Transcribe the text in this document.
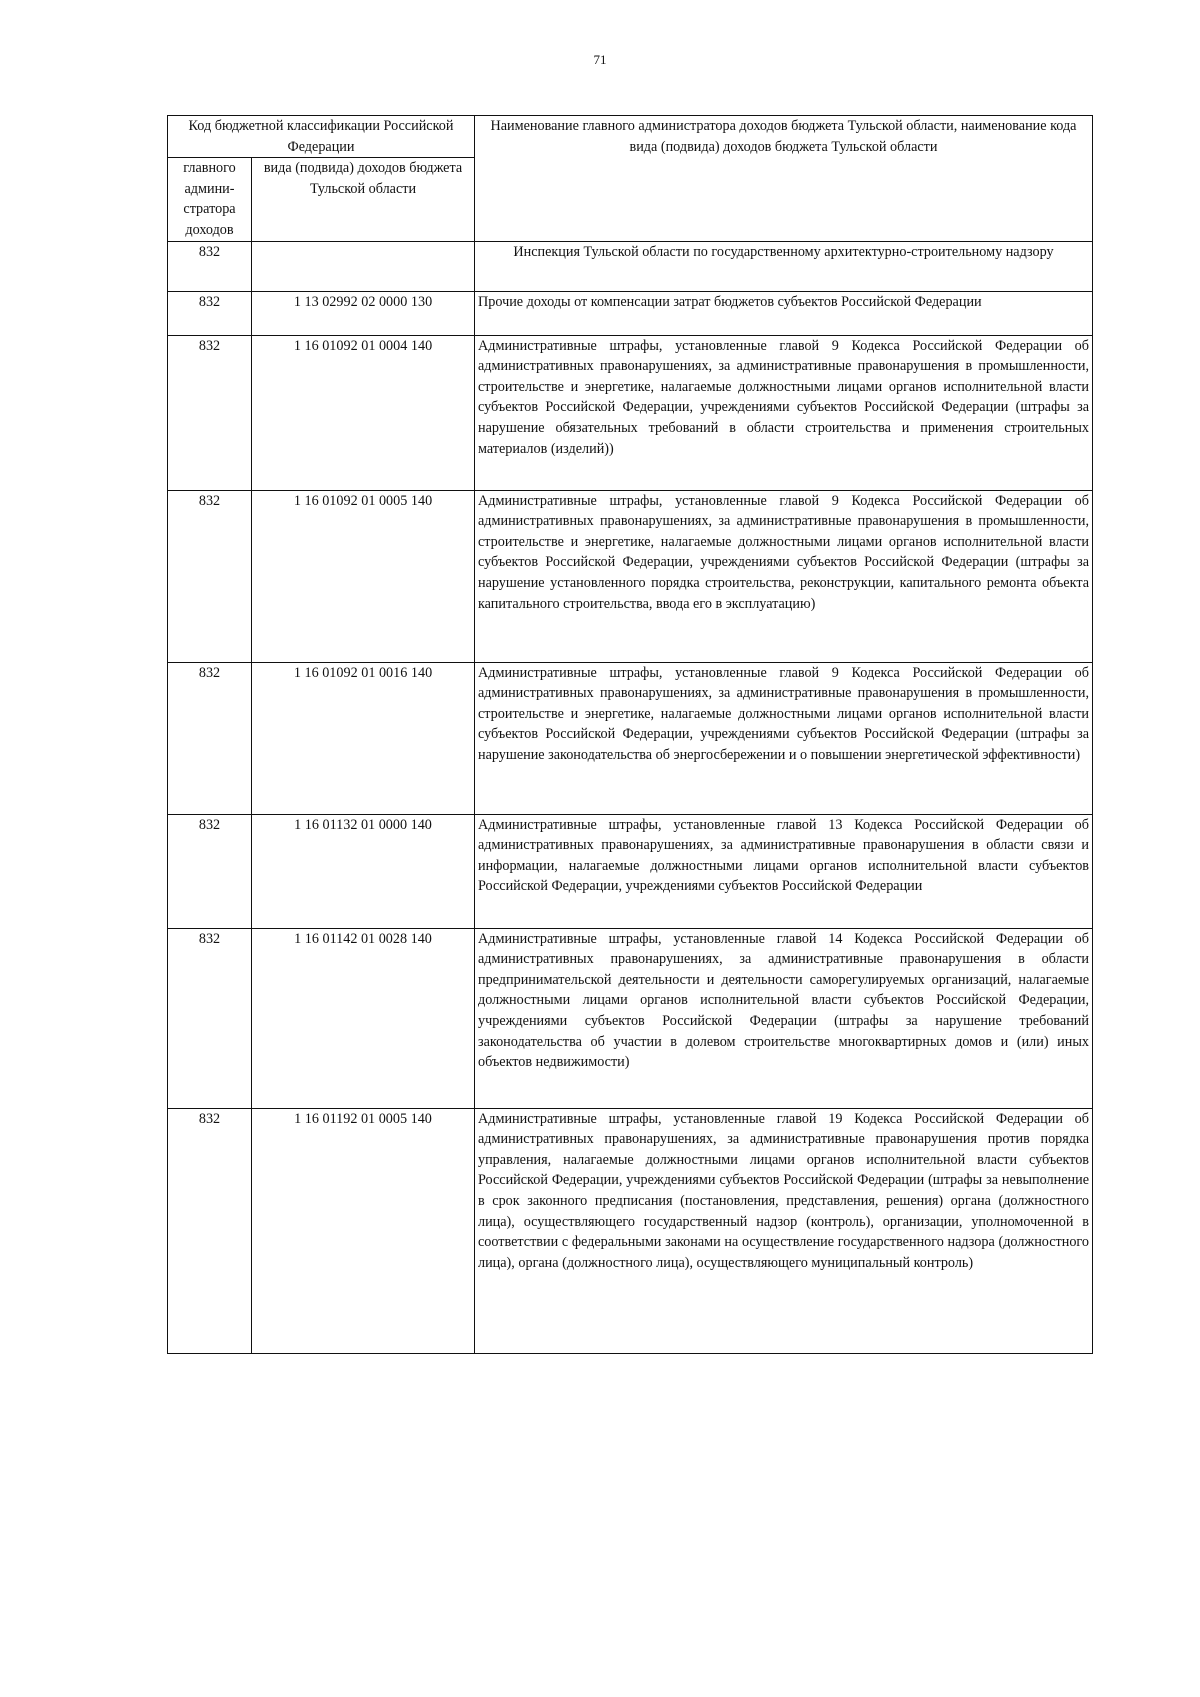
71
Код бюджетной классификации Российской Федерации		Наименование главного администратора доходов бюджета Тульской области, наименование кода вида (подвида) доходов бюджета Тульской области
главного админи-стратора доходов	вида (подвида) доходов бюджета Тульской области	
832		Инспекция Тульской области по государственному архитектурно-строительному надзору
832	1 13 02992 02 0000 130	Прочие доходы от компенсации затрат бюджетов субъектов Российской Федерации
832	1 16 01092 01 0004 140	Административные штрафы, установленные главой 9 Кодекса Российской Федерации об административных правонарушениях, за административные правонарушения в промышленности, строительстве и энергетике, налагаемые должностными лицами органов исполнительной власти субъектов Российской Федерации, учреждениями субъектов Российской Федерации (штрафы за нарушение обязательных требований в области строительства и применения строительных материалов (изделий))
832	1 16 01092 01 0005 140	Административные штрафы, установленные главой 9 Кодекса Российской Федерации об административных правонарушениях, за административные правонарушения в промышленности, строительстве и энергетике, налагаемые должностными лицами органов исполнительной власти субъектов Российской Федерации, учреждениями субъектов Российской Федерации (штрафы за нарушение установленного порядка строительства, реконструкции, капитального ремонта объекта капитального строительства, ввода его в эксплуатацию)
832	1 16 01092 01 0016 140	Административные штрафы, установленные главой 9 Кодекса Российской Федерации об административных правонарушениях, за административные правонарушения в промышленности, строительстве и энергетике, налагаемые должностными лицами органов исполнительной власти субъектов Российской Федерации, учреждениями субъектов Российской Федерации (штрафы за нарушение законодательства об энергосбережении и о повышении энергетической эффективности)
832	1 16 01132 01 0000 140	Административные штрафы, установленные главой 13 Кодекса Российской Федерации об административных правонарушениях, за административные правонарушения в области связи и информации, налагаемые должностными лицами органов исполнительной власти субъектов Российской Федерации, учреждениями субъектов Российской Федерации
832	1 16 01142 01 0028 140	Административные штрафы, установленные главой 14 Кодекса Российской Федерации об административных правонарушениях, за административные правонарушения в области предпринимательской деятельности и деятельности саморегулируемых организаций, налагаемые должностными лицами органов исполнительной власти субъектов Российской Федерации, учреждениями субъектов Российской Федерации (штрафы за нарушение требований законодательства об участии в долевом строительстве многоквартирных домов и (или) иных объектов недвижимости)
832	1 16 01192 01 0005 140	Административные штрафы, установленные главой 19 Кодекса Российской Федерации об административных правонарушениях, за административные правонарушения против порядка управления, налагаемые должностными лицами органов исполнительной власти субъектов Российской Федерации, учреждениями субъектов Российской Федерации (штрафы за невыполнение в срок законного предписания (постановления, представления, решения) органа (должностного лица), осуществляющего государственный надзор (контроль), организации, уполномоченной в соответствии с федеральными законами на осуществление государственного надзора (должностного лица), органа (должностного лица), осуществляющего муниципальный контроль)
